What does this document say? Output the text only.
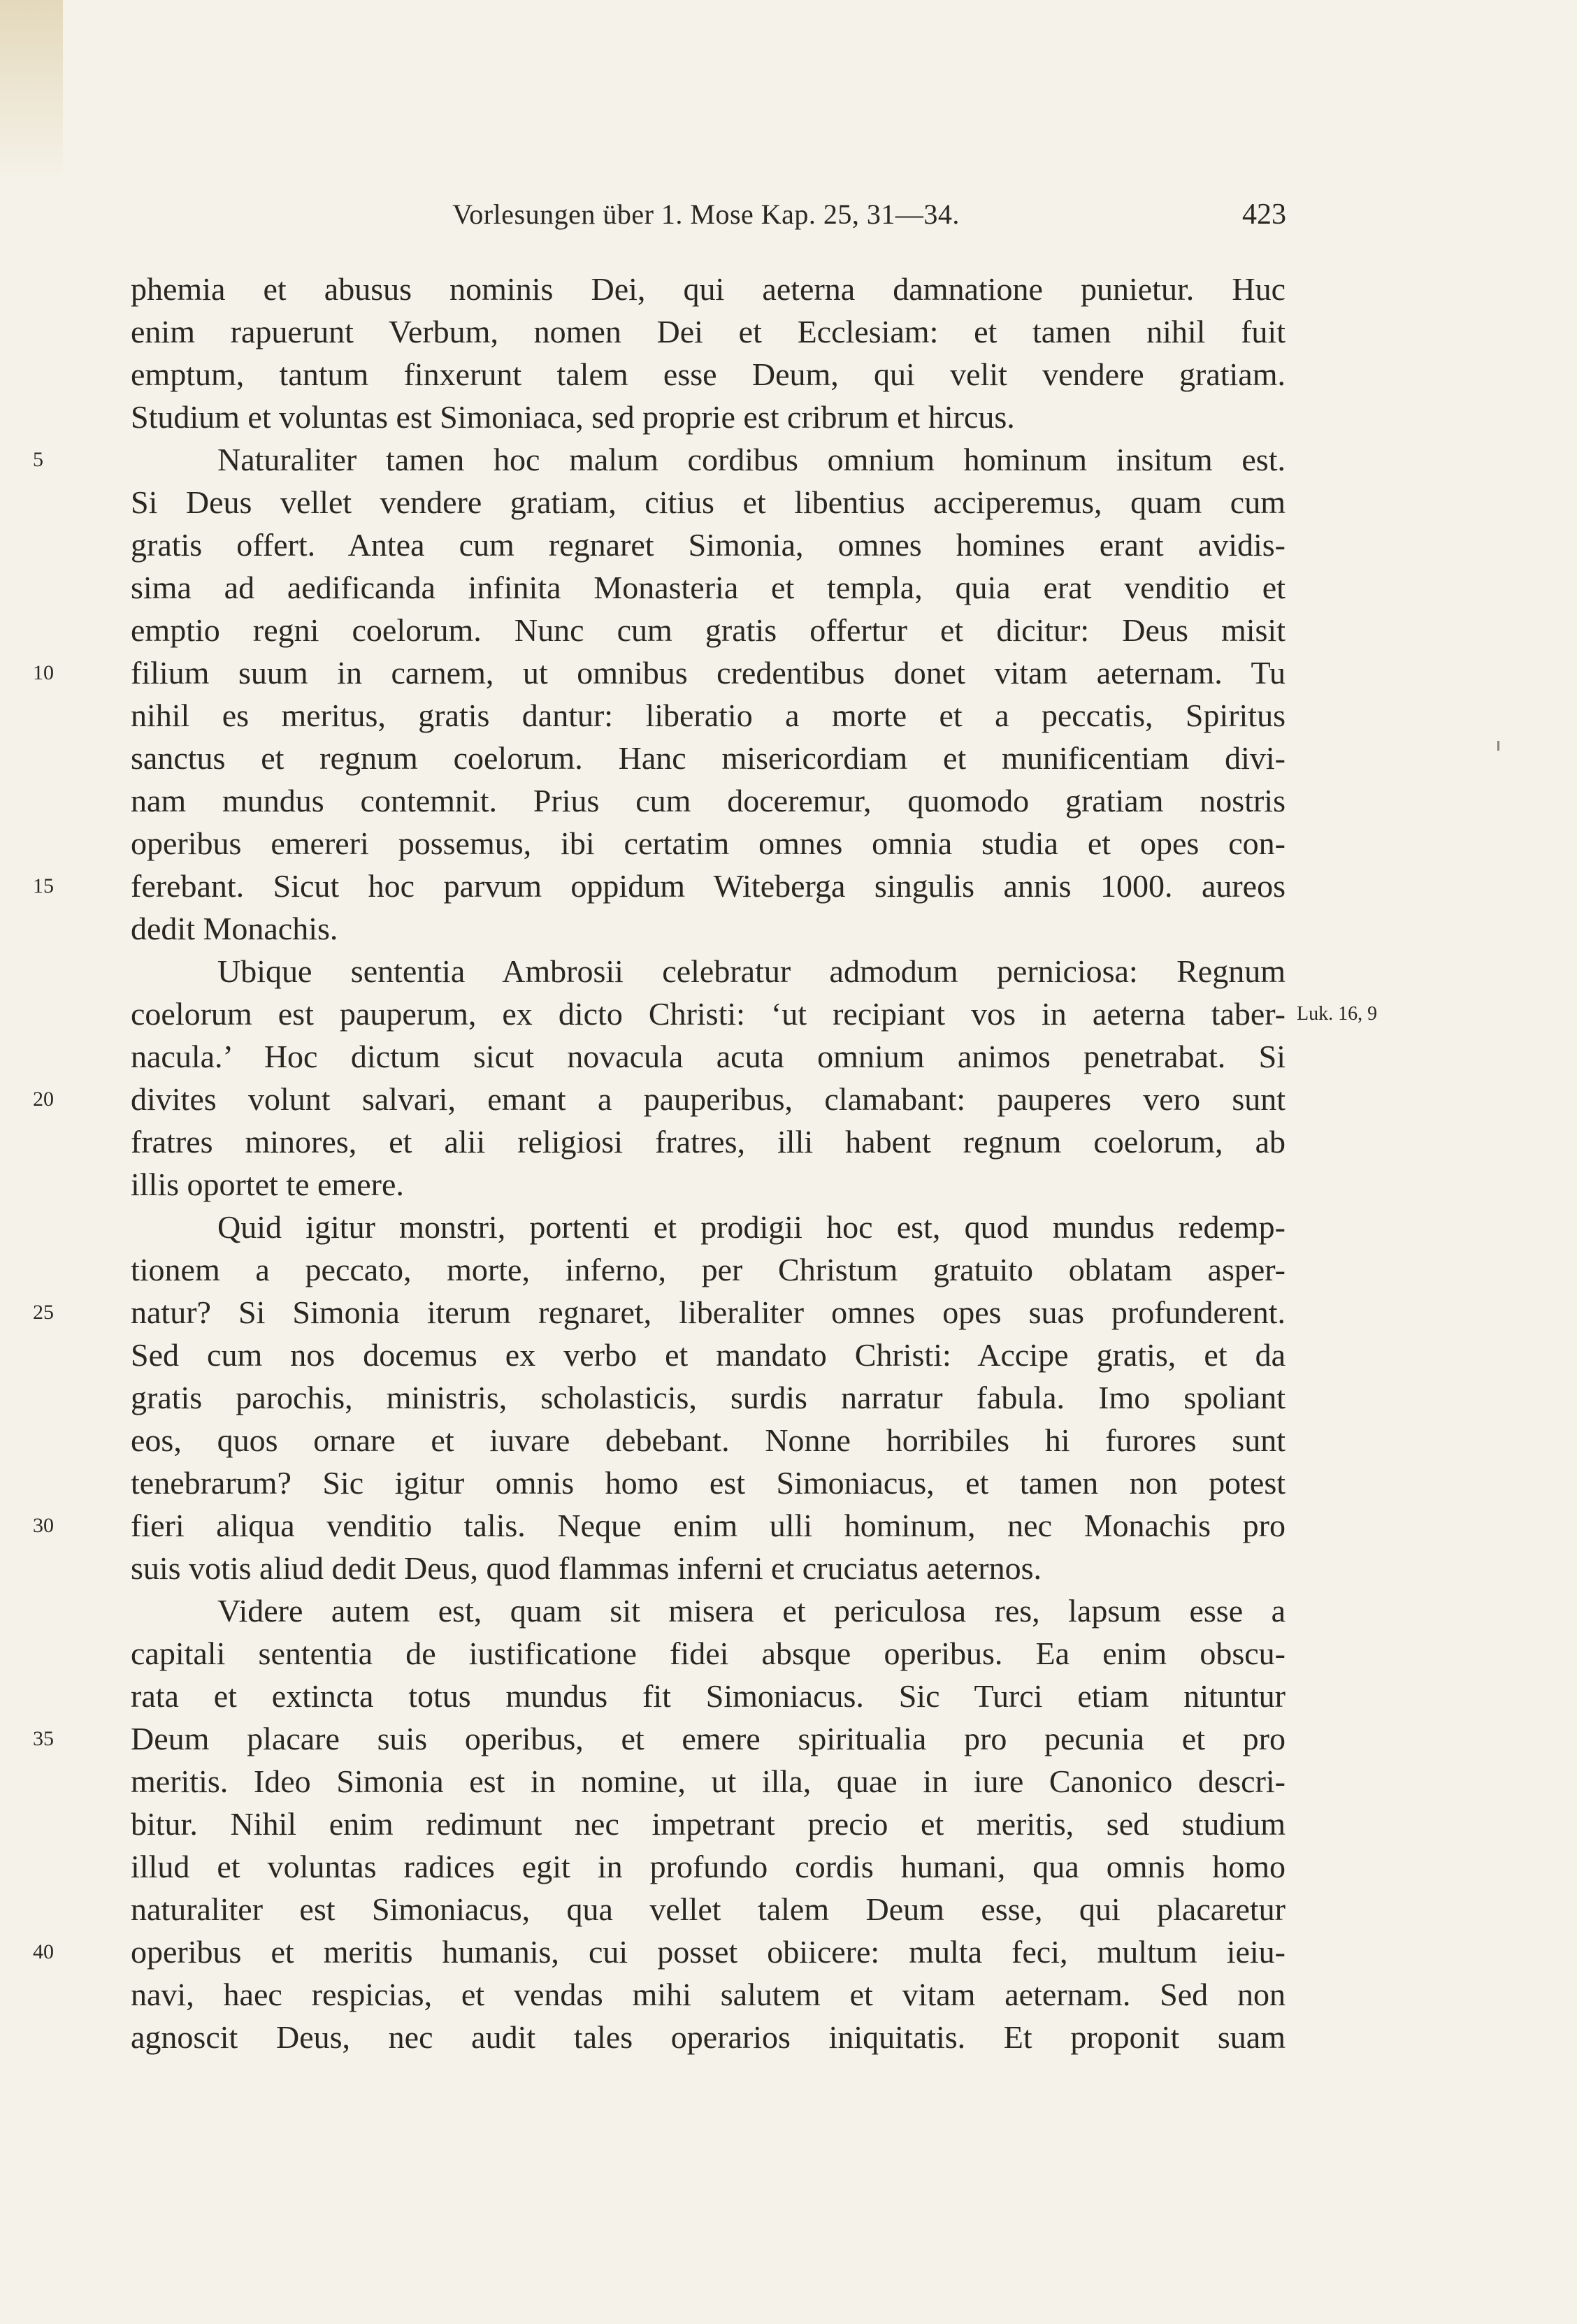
Vorlesungen über 1. Mose Kap. 25, 31—34.	423
phemia et abusus nominis Dei, qui aeterna damnatione punietur. Huc
enim rapuerunt Verbum, nomen Dei et Ecclesiam: et tamen nihil fuit
emptum, tantum finxerunt talem esse Deum, qui velit vendere gratiam.
Studium et voluntas est Simoniaca, sed proprie est cribrum et hircus.
5	Naturaliter tamen hoc malum cordibus omnium hominum insitum est.
Si Deus vellet vendere gratiam, citius et libentius acciperemus, quam cum
gratis offert. Antea cum regnaret Simonia, omnes homines erant avidis-
sima ad aedificanda infinita Monasteria et templa, quia erat venditio et
emptio regni coelorum. Nunc cum gratis offertur et dicitur: Deus misit
10	filium suum in carnem, ut omnibus credentibus donet vitam aeternam. Tu
nihil es meritus, gratis dantur: liberatio a morte et a peccatis, Spiritus
sanctus et regnum coelorum. Hanc misericordiam et munificentiam divi-
nam mundus contemnit. Prius cum doceremur, quomodo gratiam nostris
operibus emereri possemus, ibi certatim omnes omnia studia et opes con-
15	ferebant. Sicut hoc parvum oppidum Witeberga singulis annis 1000. aureos
dedit Monachis.
Ubique sententia Ambrosii celebratur admodum perniciosa: Regnum
coelorum est pauperum, ex dicto Christi: ‘ut recipiant vos in aeterna taber- Luk. 16, 9
nacula.’ Hoc dictum sicut novacula acuta omnium animos penetrabat. Si
20	divites volunt salvari, emant a pauperibus, clamabant: pauperes vero sunt
fratres minores, et alii religiosi fratres, illi habent regnum coelorum, ab
illis oportet te emere.
Quid igitur monstri, portenti et prodigii hoc est, quod mundus redemp-
tionem a peccato, morte, inferno, per Christum gratuito oblatam asper-
25	natur? Si Simonia iterum regnaret, liberaliter omnes opes suas profunderent.
Sed cum nos docemus ex verbo et mandato Christi: Accipe gratis, et da
gratis parochis, ministris, scholasticis, surdis narratur fabula. Imo spoliant
eos, quos ornare et iuvare debebant. Nonne horribiles hi furores sunt
tenebrarum? Sic igitur omnis homo est Simoniacus, et tamen non potest
30	fieri aliqua venditio talis. Neque enim ulli hominum, nec Monachis pro
suis votis aliud dedit Deus, quod flammas inferni et cruciatus aeternos.
Videre autem est, quam sit misera et periculosa res, lapsum esse a
capitali sententia de iustificatione fidei absque operibus. Ea enim obscu-
rata et extincta totus mundus fit Simoniacus. Sic Turci etiam nituntur
35	Deum placare suis operibus, et emere spiritualia pro pecunia et pro
meritis. Ideo Simonia est in nomine, ut illa, quae in iure Canonico descri-
bitur. Nihil enim redimunt nec impetrant precio et meritis, sed studium
illud et voluntas radices egit in profundo cordis humani, qua omnis homo
naturaliter est Simoniacus, qua vellet talem Deum esse, qui placaretur
40	operibus et meritis humanis, cui posset obiicere: multa feci, multum ieiu-
navi, haec respicias, et vendas mihi salutem et vitam aeternam. Sed non
agnoscit Deus, nec audit tales operarios iniquitatis. Et proponit suam
